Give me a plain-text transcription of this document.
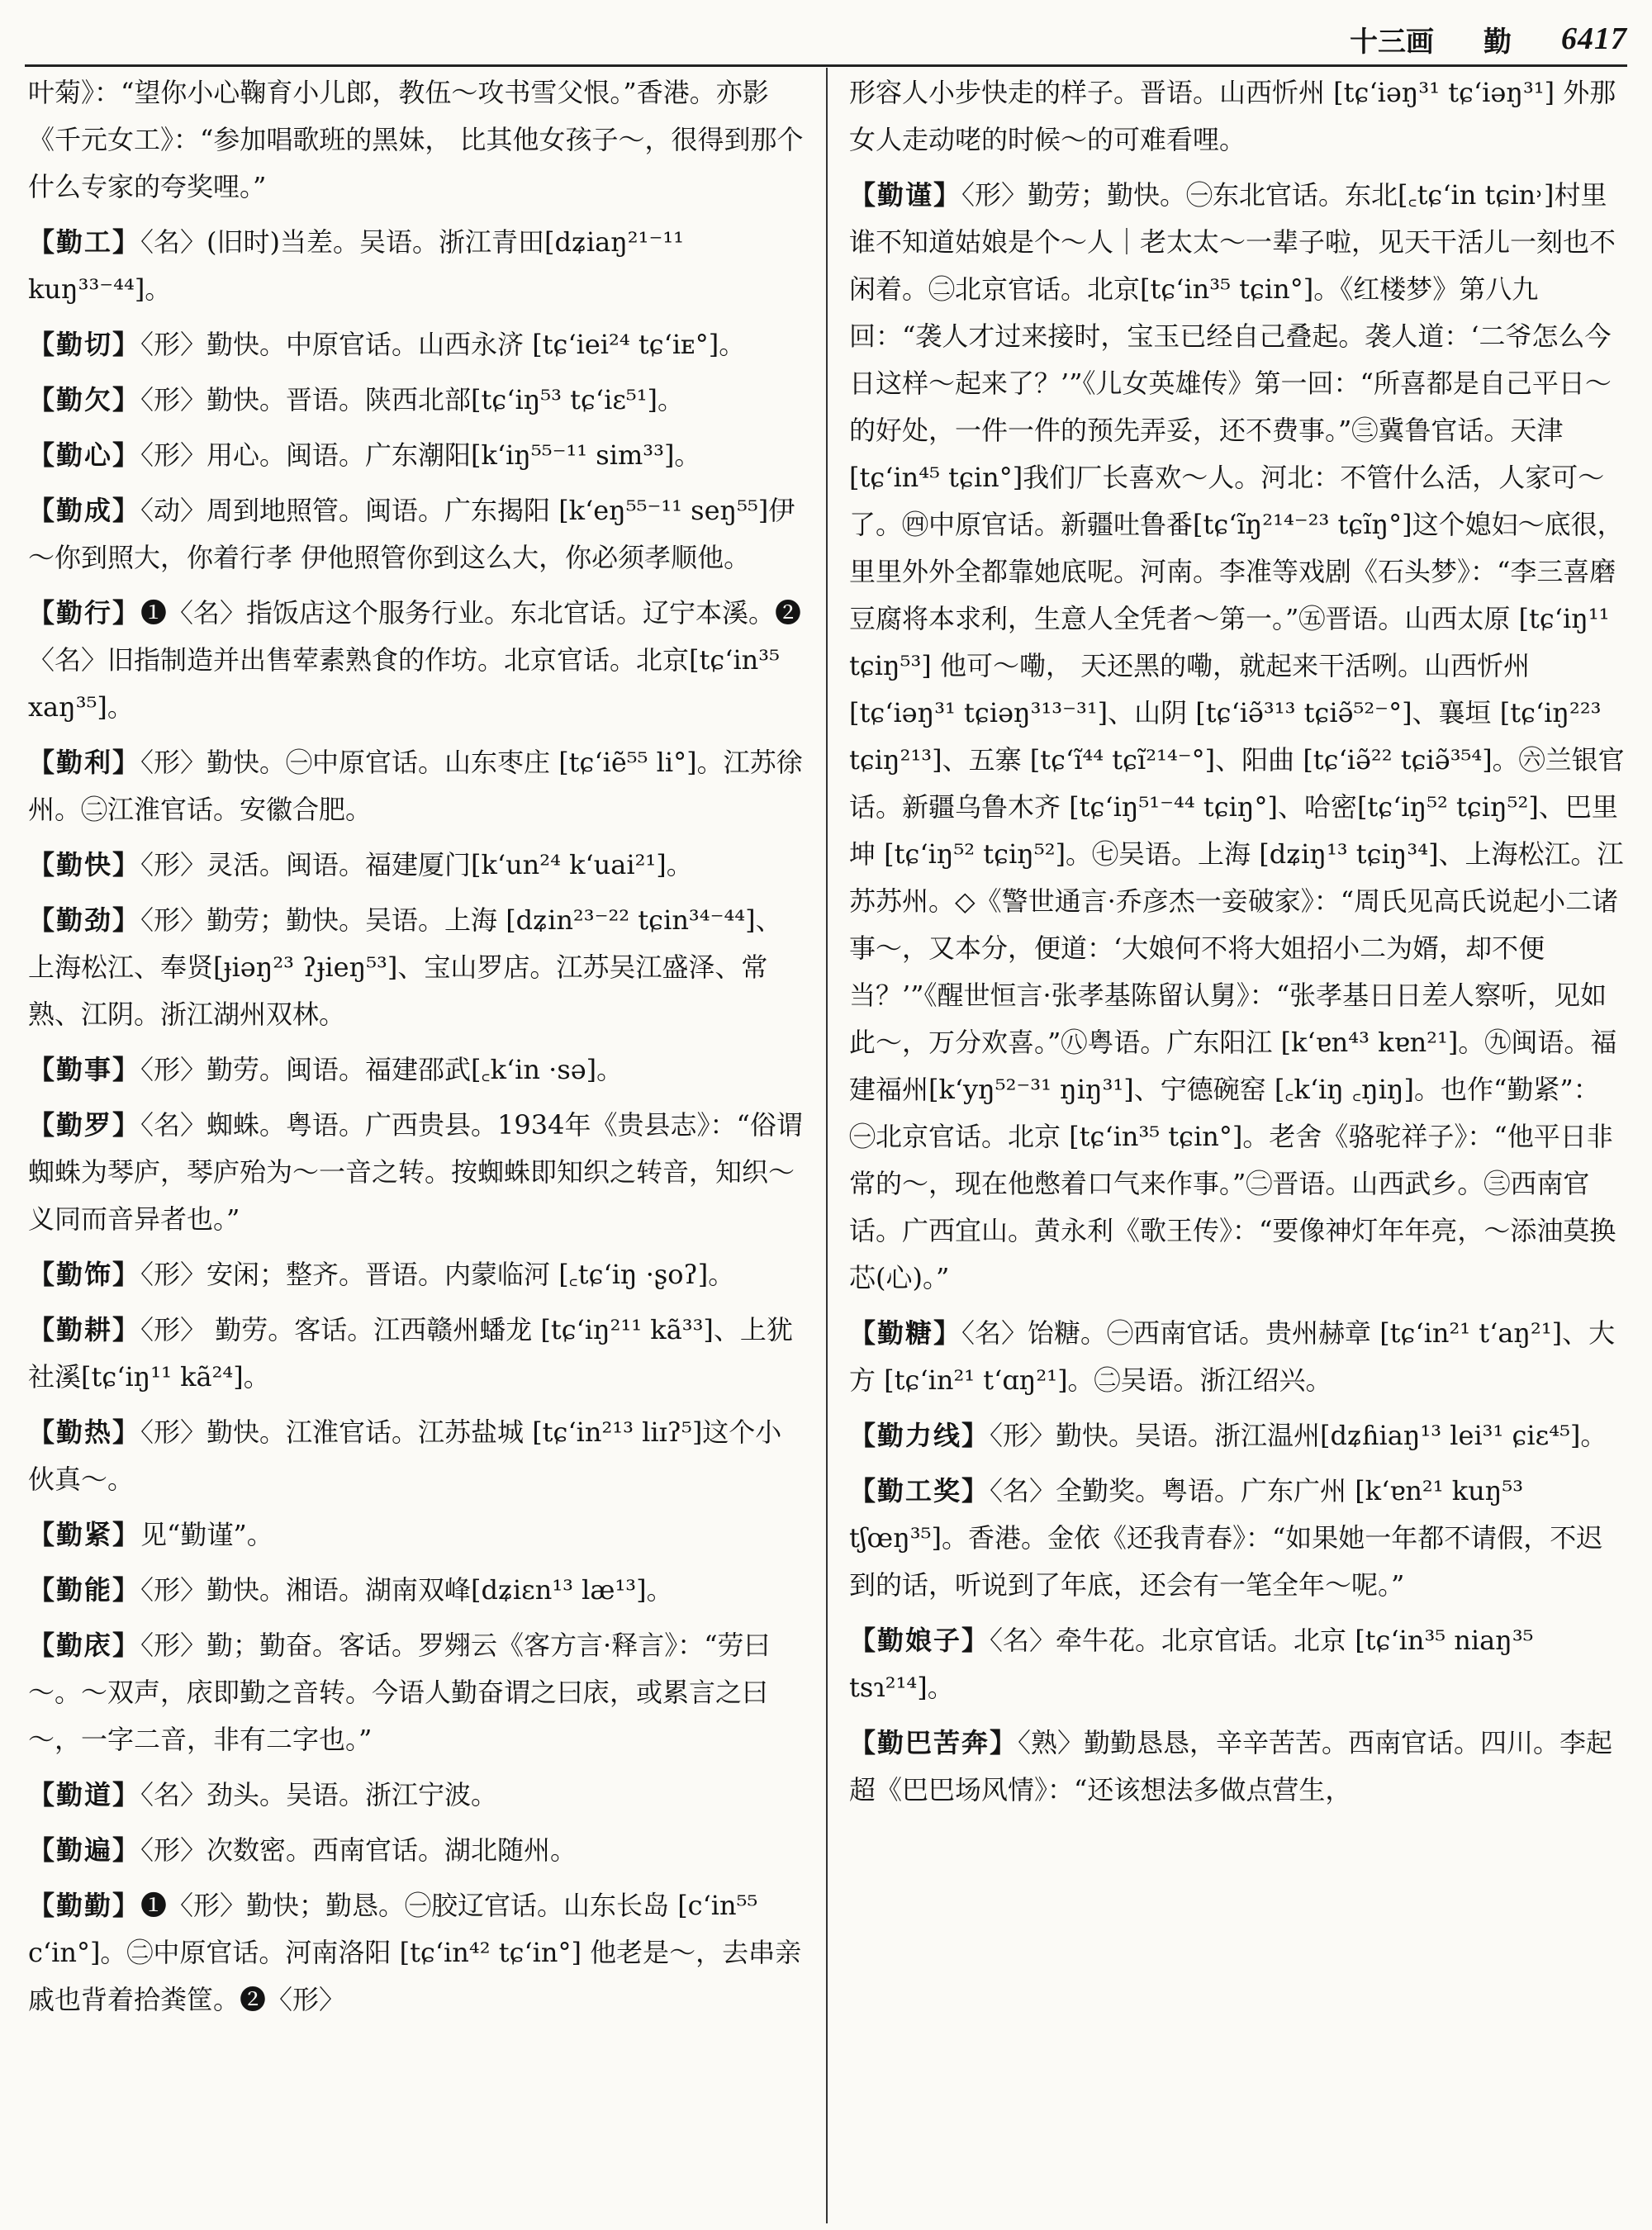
十三画 勤 6417

叶菊》：“望你小心鞠育小儿郎，教伍～攻书雪父恨。”香港。亦影《千元女工》：“参加唱歌班的黑妹， 比其他女孩子～，很得到那个什么专家的夸奖哩。”

【勤工】〈名〉(旧时)当差。吴语。浙江青田[dʑiaŋ²¹⁻¹¹ kuŋ³³⁻⁴⁴]。

【勤切】〈形〉勤快。中原官话。山西永济 [tɕʻiei²⁴ tɕʻiᴇ°]。

【勤欠】〈形〉勤快。晋语。陕西北部[tɕʻiŋ⁵³ tɕʻiɛ⁵¹]。

【勤心】〈形〉用心。闽语。广东潮阳[kʻiŋ⁵⁵⁻¹¹ sim³³]。

【勤成】〈动〉周到地照管。闽语。广东揭阳 [kʻeŋ⁵⁵⁻¹¹ seŋ⁵⁵]伊～你到照大，你着行孝 伊他照管你到这么大，你必须孝顺他。

【勤行】❶〈名〉指饭店这个服务行业。东北官话。辽宁本溪。❷〈名〉旧指制造并出售荤素熟食的作坊。北京官话。北京[tɕʻin³⁵ xaŋ³⁵]。

【勤利】〈形〉勤快。㊀中原官话。山东枣庄 [tɕʻiẽ⁵⁵ li°]。江苏徐州。㊁江淮官话。安徽合肥。

【勤快】〈形〉灵活。闽语。福建厦门[kʻun²⁴ kʻuai²¹]。

【勤劲】〈形〉勤劳；勤快。吴语。上海 [dʑin²³⁻²² tɕin³⁴⁻⁴⁴]、上海松江、奉贤[ɟiəŋ²³ ʔɟieŋ⁵³]、宝山罗店。江苏吴江盛泽、常熟、江阴。浙江湖州双林。

【勤事】〈形〉勤劳。闽语。福建邵武[꜀kʻin ·sə]。

【勤罗】〈名〉蜘蛛。粤语。广西贵县。1934年《贵县志》：“俗谓蜘蛛为琴庐，琴庐殆为～一音之转。按蜘蛛即知织之转音，知织～义同而音异者也。”

【勤饰】〈形〉安闲；整齐。晋语。内蒙临河 [꜀tɕʻiŋ ·ʂoʔ]。

【勤耕】〈形〉 勤劳。客话。江西赣州蟠龙 [tɕʻiŋ²¹¹ kã³³]、上犹社溪[tɕʻiŋ¹¹ kã²⁴]。

【勤热】〈形〉勤快。江淮官话。江苏盐城 [tɕʻin²¹³ liɪʔ⁵]这个小伙真～。

【勤紧】见“勤谨”。

【勤能】〈形〉勤快。湘语。湖南双峰[dʑiɛn¹³ læ¹³]。

【勤庡】〈形〉勤；勤奋。客话。罗翙云《客方言·释言》：“劳曰～。～双声，庡即勤之音转。今语人勤奋谓之曰庡，或累言之曰～，一字二音，非有二字也。”

【勤道】〈名〉劲头。吴语。浙江宁波。

【勤遍】〈形〉次数密。西南官话。湖北随州。

【勤勤】❶〈形〉勤快；勤恳。㊀胶辽官话。山东长岛 [cʻin⁵⁵ cʻin°]。㊁中原官话。河南洛阳 [tɕʻin⁴² tɕʻin°] 他老是～，去串亲戚也背着拾粪筐。❷〈形〉

形容人小步快走的样子。晋语。山西忻州 [tɕʻiəŋ³¹ tɕʻiəŋ³¹] 外那女人走动咾的时候～的可难看哩。

【勤谨】〈形〉勤劳；勤快。㊀东北官话。东北[꜀tɕʻin tɕin˒]村里谁不知道姑娘是个～人｜老太太～一辈子啦，见天干活儿一刻也不闲着。㊁北京官话。北京[tɕʻin³⁵ tɕin°]。《红楼梦》第八九回：“袭人才过来接时，宝玉已经自己叠起。袭人道：‘二爷怎么今日这样～起来了？’”《儿女英雄传》第一回：“所喜都是自己平日～的好处，一件一件的预先弄妥，还不费事。”㊂冀鲁官话。天津[tɕʻin⁴⁵ tɕin°]我们厂长喜欢～人。河北：不管什么活，人家可～了。㊃中原官话。新疆吐鲁番[tɕʻĩŋ²¹⁴⁻²³ tɕĩŋ°]这个媳妇～底很，里里外外全都靠她底呢。河南。李准等戏剧《石头梦》：“李三喜磨豆腐将本求利，生意人全凭者～第一。”㊄晋语。山西太原 [tɕʻiŋ¹¹ tɕiŋ⁵³] 他可～嘞， 天还黑的嘞，就起来干活咧。山西忻州 [tɕʻiəŋ³¹ tɕiəŋ³¹³⁻³¹]、山阴 [tɕʻiə̃³¹³ tɕiə̃⁵²⁻°]、襄垣 [tɕʻiŋ²²³ tɕiŋ²¹³]、五寨 [tɕʻĩ⁴⁴ tɕĩ²¹⁴⁻°]、阳曲 [tɕʻiə̃²² tɕiə̃³⁵⁴]。㊅兰银官话。新疆乌鲁木齐 [tɕʻiŋ⁵¹⁻⁴⁴ tɕiŋ°]、哈密[tɕʻiŋ⁵² tɕiŋ⁵²]、巴里坤 [tɕʻiŋ⁵² tɕiŋ⁵²]。㊆吴语。上海 [dʑiŋ¹³ tɕiŋ³⁴]、上海松江。江苏苏州。◇《警世通言·乔彦杰一妾破家》：“周氏见高氏说起小二诸事～，又本分，便道：‘大娘何不将大姐招小二为婿，却不便当？’”《醒世恒言·张孝基陈留认舅》：“张孝基日日差人察听，见如此～，万分欢喜。”㊇粤语。广东阳江 [kʻɐn⁴³ kɐn²¹]。㊈闽语。福建福州[kʻyŋ⁵²⁻³¹ ŋiŋ³¹]、宁德碗窑 [꜀kʻiŋ ꜀ŋiŋ]。也作“勤紧”：㊀北京官话。北京 [tɕʻin³⁵ tɕin°]。老舍《骆驼祥子》：“他平日非常的～，现在他憋着口气来作事。”㊁晋语。山西武乡。㊂西南官话。广西宜山。黄永利《歌王传》：“要像神灯年年亮，～添油莫换芯(心)。”

【勤糖】〈名〉饴糖。㊀西南官话。贵州赫章 [tɕʻin²¹ tʻaŋ²¹]、大方 [tɕʻin²¹ tʻɑŋ²¹]。㊁吴语。浙江绍兴。

【勤力线】〈形〉勤快。吴语。浙江温州[dʑɦiaŋ¹³ lei³¹ ɕiɛ⁴⁵]。

【勤工奖】〈名〉全勤奖。粤语。广东广州 [kʻɐn²¹ kuŋ⁵³ tʃœŋ³⁵]。香港。金依《还我青春》：“如果她一年都不请假，不迟到的话，听说到了年底，还会有一笔全年～呢。”

【勤娘子】〈名〉牵牛花。北京官话。北京 [tɕʻin³⁵ niaŋ³⁵ tsɿ²¹⁴]。

【勤巴苦奔】〈熟〉勤勤恳恳，辛辛苦苦。西南官话。四川。李起超《巴巴场风情》：“还该想法多做点营生，
